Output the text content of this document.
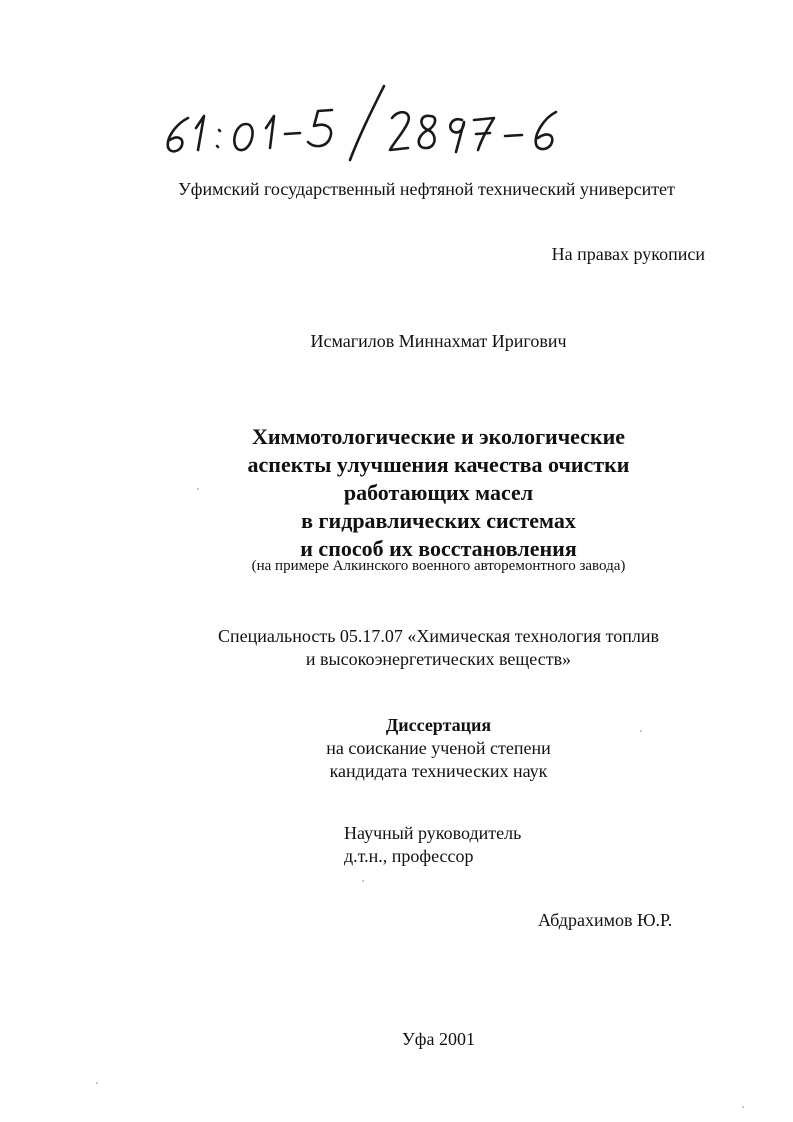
Уфимский государственный нефтяной технический университет
На правах рукописи
Исмагилов Миннахмат Иригович
Химмотологические и экологические
аспекты улучшения качества очистки
работающих масел
в гидравлических системах
и способ их восстановления
(на примере Алкинского военного авторемонтного завода)
Специальность 05.17.07 «Химическая технология топлив
и высокоэнергетических веществ»
Диссертация
на соискание ученой степени
кандидата технических наук
Научный руководитель
д.т.н., профессор
Абдрахимов Ю.Р.
Уфа 2001
